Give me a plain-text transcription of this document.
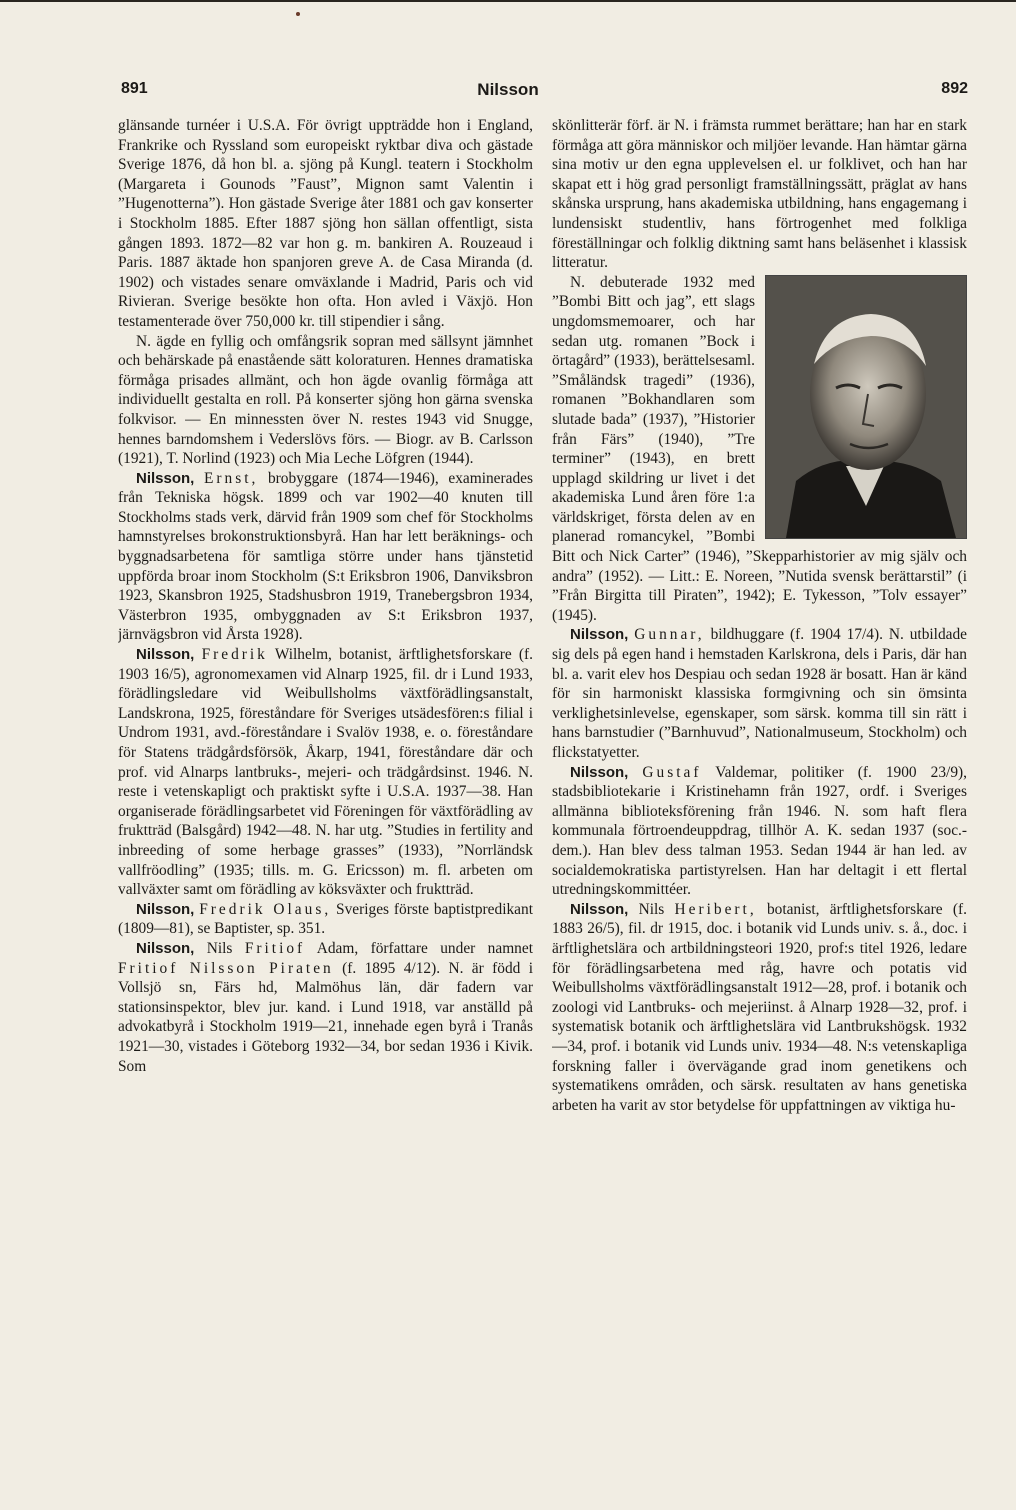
891	Nilsson	892

glänsande turnéer i U.S.A. För övrigt uppträdde hon i England, Frankrike och Ryssland som europeiskt ryktbar diva och gästade Sverige 1876, då hon bl. a. sjöng på Kungl. teatern i Stockholm (Margareta i Gounods ”Faust”, Mignon samt Valentin i ”Hugenotterna”). Hon gästade Sverige åter 1881 och gav konserter i Stockholm 1885. Efter 1887 sjöng hon sällan offentligt, sista gången 1893. 1872—82 var hon g. m. bankiren A. Rouzeaud i Paris. 1887 äktade hon spanjoren greve A. de Casa Miranda (d. 1902) och vistades senare omväxlande i Madrid, Paris och vid Rivieran. Sverige besökte hon ofta. Hon avled i Växjö. Hon testamenterade över 750,000 kr. till stipendier i sång.

N. ägde en fyllig och omfångsrik sopran med sällsynt jämnhet och behärskade på enastående sätt koloraturen. Hennes dramatiska förmåga prisades allmänt, och hon ägde ovanlig förmåga att individuellt gestalta en roll. På konserter sjöng hon gärna svenska folkvisor. — En minnessten över N. restes 1943 vid Snugge, hennes barndomshem i Vederslövs förs. — Biogr. av B. Carlsson (1921), T. Norlind (1923) och Mia Leche Löfgren (1944).

Nilsson, Ernst, brobyggare (1874—1946), examinerades från Tekniska högsk. 1899 och var 1902—40 knuten till Stockholms stads verk, därvid från 1909 som chef för Stockholms hamnstyrelses brokonstruktionsbyrå. Han har lett beräknings- och byggnadsarbetena för samtliga större under hans tjänstetid uppförda broar inom Stockholm (S:t Eriksbron 1906, Danviksbron 1923, Skansbron 1925, Stadshusbron 1919, Tranebergsbron 1934, Västerbron 1935, ombyggnaden av S:t Eriksbron 1937, järnvägsbron vid Årsta 1928).

Nilsson, Fredrik Wilhelm, botanist, ärftlighetsforskare (f. 1903 16/5), agronomexamen vid Alnarp 1925, fil. dr i Lund 1933, förädlingsledare vid Weibullsholms växtförädlingsanstalt, Landskrona, 1925, föreståndare för Sveriges utsädesfören:s filial i Undrom 1931, avd.-föreståndare i Svalöv 1938, e. o. föreståndare för Statens trädgårdsförsök, Åkarp, 1941, föreståndare där och prof. vid Alnarps lantbruks-, mejeri- och trädgårdsinst. 1946. N. reste i vetenskapligt och praktiskt syfte i U.S.A. 1937—38. Han organiserade förädlingsarbetet vid Föreningen för växtförädling av fruktträd (Balsgård) 1942—48. N. har utg. ”Studies in fertility and inbreeding of some herbage grasses” (1933), ”Norrländsk vallfröodling” (1935; tills. m. G. Ericsson) m. fl. arbeten om vallväxter samt om förädling av köksväxter och fruktträd.

Nilsson, Fredrik Olaus, Sveriges förste baptistpredikant (1809—81), se Baptister, sp. 351.

Nilsson, Nils Fritiof Adam, författare under namnet Fritiof Nilsson Piraten (f. 1895 4/12). N. är född i Vollsjö sn, Färs hd, Malmöhus län, där fadern var stationsinspektor, blev jur. kand. i Lund 1918, var anställd på advokatbyrå i Stockholm 1919—21, innehade egen byrå i Tranås 1921—30, vistades i Göteborg 1932—34, bor sedan 1936 i Kivik. Som

skönlitterär förf. är N. i främsta rummet berättare; han har en stark förmåga att göra människor och miljöer levande. Han hämtar gärna sina motiv ur den egna upplevelsen el. ur folklivet, och han har skapat ett i hög grad personligt framställningssätt, präglat av hans skånska ursprung, hans akademiska utbildning, hans engagemang i lundensiskt studentliv, hans förtrogenhet med folkliga föreställningar och folklig diktning samt hans beläsenhet i klassisk litteratur.

N. debuterade 1932 med ”Bombi Bitt och jag”, ett slags ungdomsmemoarer, och har sedan utg. romanen ”Bock i örtagård” (1933), berättelsesaml. ”Småländsk tragedi” (1936), romanen ”Bokhandlaren som slutade bada” (1937), ”Historier från Färs” (1940), ”Tre terminer” (1943), en brett upplagd skildring ur livet i det akademiska Lund åren före 1:a världskriget, första delen av en planerad romancykel, ”Bombi Bitt och Nick Carter” (1946), ”Skepparhistorier av mig själv och andra” (1952). — Litt.: E. Noreen, ”Nutida svensk berättarstil” (i ”Från Birgitta till Piraten”, 1942); E. Tykesson, ”Tolv essayer” (1945).

Nilsson, Gunnar, bildhuggare (f. 1904 17/4). N. utbildade sig dels på egen hand i hemstaden Karlskrona, dels i Paris, där han bl. a. varit elev hos Despiau och sedan 1928 är bosatt. Han är känd för sin harmoniskt klassiska formgivning och sin ömsinta verklighetsinlevelse, egenskaper, som särsk. komma till sin rätt i hans barnstudier (”Barnhuvud”, Nationalmuseum, Stockholm) och flickstatyetter.

Nilsson, Gustaf Valdemar, politiker (f. 1900 23/9), stadsbibliotekarie i Kristinehamn från 1927, ordf. i Sveriges allmänna biblioteksförening från 1946. N. som haft flera kommunala förtroendeuppdrag, tillhör A. K. sedan 1937 (soc.-dem.). Han blev dess talman 1953. Sedan 1944 är han led. av socialdemokratiska partistyrelsen. Han har deltagit i ett flertal utredningskommittéer.

Nilsson, Nils Heribert, botanist, ärftlighetsforskare (f. 1883 26/5), fil. dr 1915, doc. i botanik vid Lunds univ. s. å., doc. i ärftlighetslära och artbildningsteori 1920, prof:s titel 1926, ledare för förädlingsarbetena med råg, havre och potatis vid Weibullsholms växtförädlingsanstalt 1912—28, prof. i botanik och zoologi vid Lantbruks- och mejeriinst. å Alnarp 1928—32, prof. i systematisk botanik och ärftlighetslära vid Lantbrukshögsk. 1932—34, prof. i botanik vid Lunds univ. 1934—48. N:s vetenskapliga forskning faller i övervägande grad inom genetikens och systematikens områden, och särsk. resultaten av hans genetiska arbeten ha varit av stor betydelse för uppfattningen av viktiga hu-
